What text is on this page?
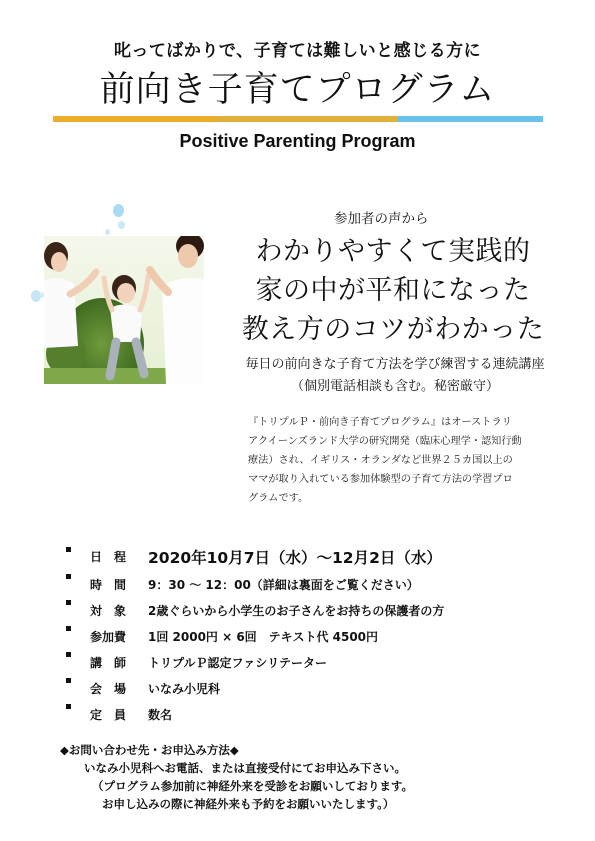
叱ってばかりで、子育ては難しいと感じる方に
前向き子育てプログラム
Positive Parenting Program
参加者の声から
わかりやすくて実践的
家の中が平和になった
教え方のコツがわかった
毎日の前向きな子育て方法を学び練習する連続講座
（個別電話相談も含む。秘密厳守）

『トリプルＰ・前向き子育てプログラム』はオーストラリ

アクイーンズランド大学の研究開発（臨床心理学・認知行動

療法）され、イギリス・オランダなど世界２５カ国以上の

ママが取り入れている参加体験型の子育て方法の学習プロ

グラムです。

日　程	2020年10月7日（水）～12月2日（水）
時　間	9：30 ～ 12：00（詳細は裏面をご覧ください）
対　象	2歳ぐらいから小学生のお子さんをお持ちの保護者の方
参加費	1回 2000円 × 6回　テキスト代 4500円
講　師	トリプルＰ認定ファシリテーター
会　場	いなみ小児科
定　員	数名
◆お問い合わせ先・お申込み方法◆
いなみ小児科へお電話、または直接受付にてお申込み下さい。
（プログラム参加前に神経外来を受診をお願いしております。
お申し込みの際に神経外来も予約をお願いいたします。）
